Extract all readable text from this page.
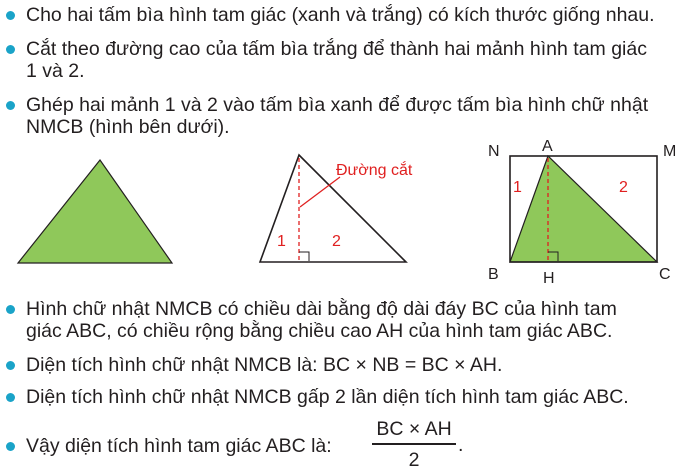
Cho hai tấm bìa hình tam giác (xanh và trắng) có kích thước giống nhau.
Cắt theo đường cao của tấm bìa trắng để thành hai mảnh hình tam giác
1 và 2.
Ghép hai mảnh 1 và 2 vào tấm bìa xanh để được tấm bìa hình chữ nhật
NMCB (hình bên dưới).
Đường cắt
1	2
N	A	M
B	H	C
1	2
Hình chữ nhật NMCB có chiều dài bằng độ dài đáy BC của hình tam
giác ABC, có chiều rộng bằng chiều cao AH của hình tam giác ABC.
Diện tích hình chữ nhật NMCB là: BC × NB = BC × AH.
Diện tích hình chữ nhật NMCB gấp 2 lần diện tích hình tam giác ABC.
Vậy diện tích hình tam giác ABC là:
BC × AH
2
.
